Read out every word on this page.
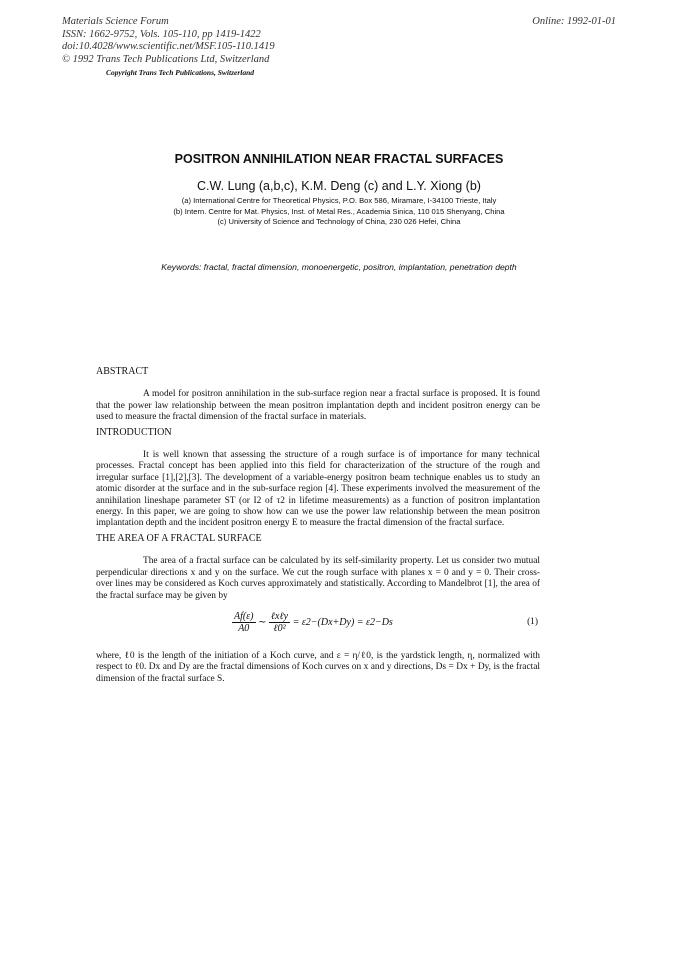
Materials Science Forum
ISSN: 1662-9752, Vols. 105-110, pp 1419-1422
doi:10.4028/www.scientific.net/MSF.105-110.1419
© 1992 Trans Tech Publications Ltd, Switzerland
Copyright Trans Tech Publications, Switzerland
Online: 1992-01-01
POSITRON ANNIHILATION NEAR FRACTAL SURFACES
C.W. Lung (a,b,c), K.M. Deng (c) and L.Y. Xiong (b)
(a) International Centre for Theoretical Physics, P.O. Box 586, Miramare, I-34100 Trieste, Italy
(b) Intern. Centre for Mat. Physics, Inst. of Metal Res., Academia Sinica, 110 015 Shenyang, China
(c) University of Science and Technology of China, 230 026 Hefei, China
Keywords: fractal, fractal dimension, monoenergetic, positron, implantation, penetration depth

ABSTRACT

A model for positron annihilation in the sub-surface region near a fractal surface is proposed. It is found that the power law relationship between the mean positron implantation depth and incident positron energy can be used to measure the fractal dimension of the fractal surface in materials.

INTRODUCTION

It is well known that assessing the structure of a rough surface is of importance for many technical processes. Fractal concept has been applied into this field for characterization of the structure of the rough and irregular surface [1],[2],[3]. The development of a variable-energy positron beam technique enables us to study an atomic disorder at the surface and in the sub-surface region [4]. These experiments involved the measurement of the annihilation lineshape parameter ST (or I2 of τ2 in lifetime measurements) as a function of positron implantation energy. In this paper, we are going to show how can we use the power law relationship between the mean positron implantation depth and the incident positron energy E to measure the fractal dimension of the fractal surface.

THE AREA OF A FRACTAL SURFACE

The area of a fractal surface can be calculated by its self-similarity property. Let us consider two mutual perpendicular directions x and y on the surface. We cut the rough surface with planes x = 0 and y = 0. Their cross-over lines may be considered as Koch curves approximately and statistically. According to Mandelbrot [1], the area of the fractal surface may be given by

$\frac{Af(\varepsilon)}{A0}$ ∼ $\frac{\text{ℓxℓy}}{\text{ℓ0²}} = \varepsilon 2-(Dx+Dy) = \varepsilon 2-Ds$	(1)

where, ℓ0 is the length of the initiation of a Koch curve, and ε = η/ℓ0, is the yardstick length, η, normalized with respect to ℓ0. Dx and Dy are the fractal dimensions of Koch curves on x and y directions, Ds = Dx + Dy, is the fractal dimension of the fractal surface S.
